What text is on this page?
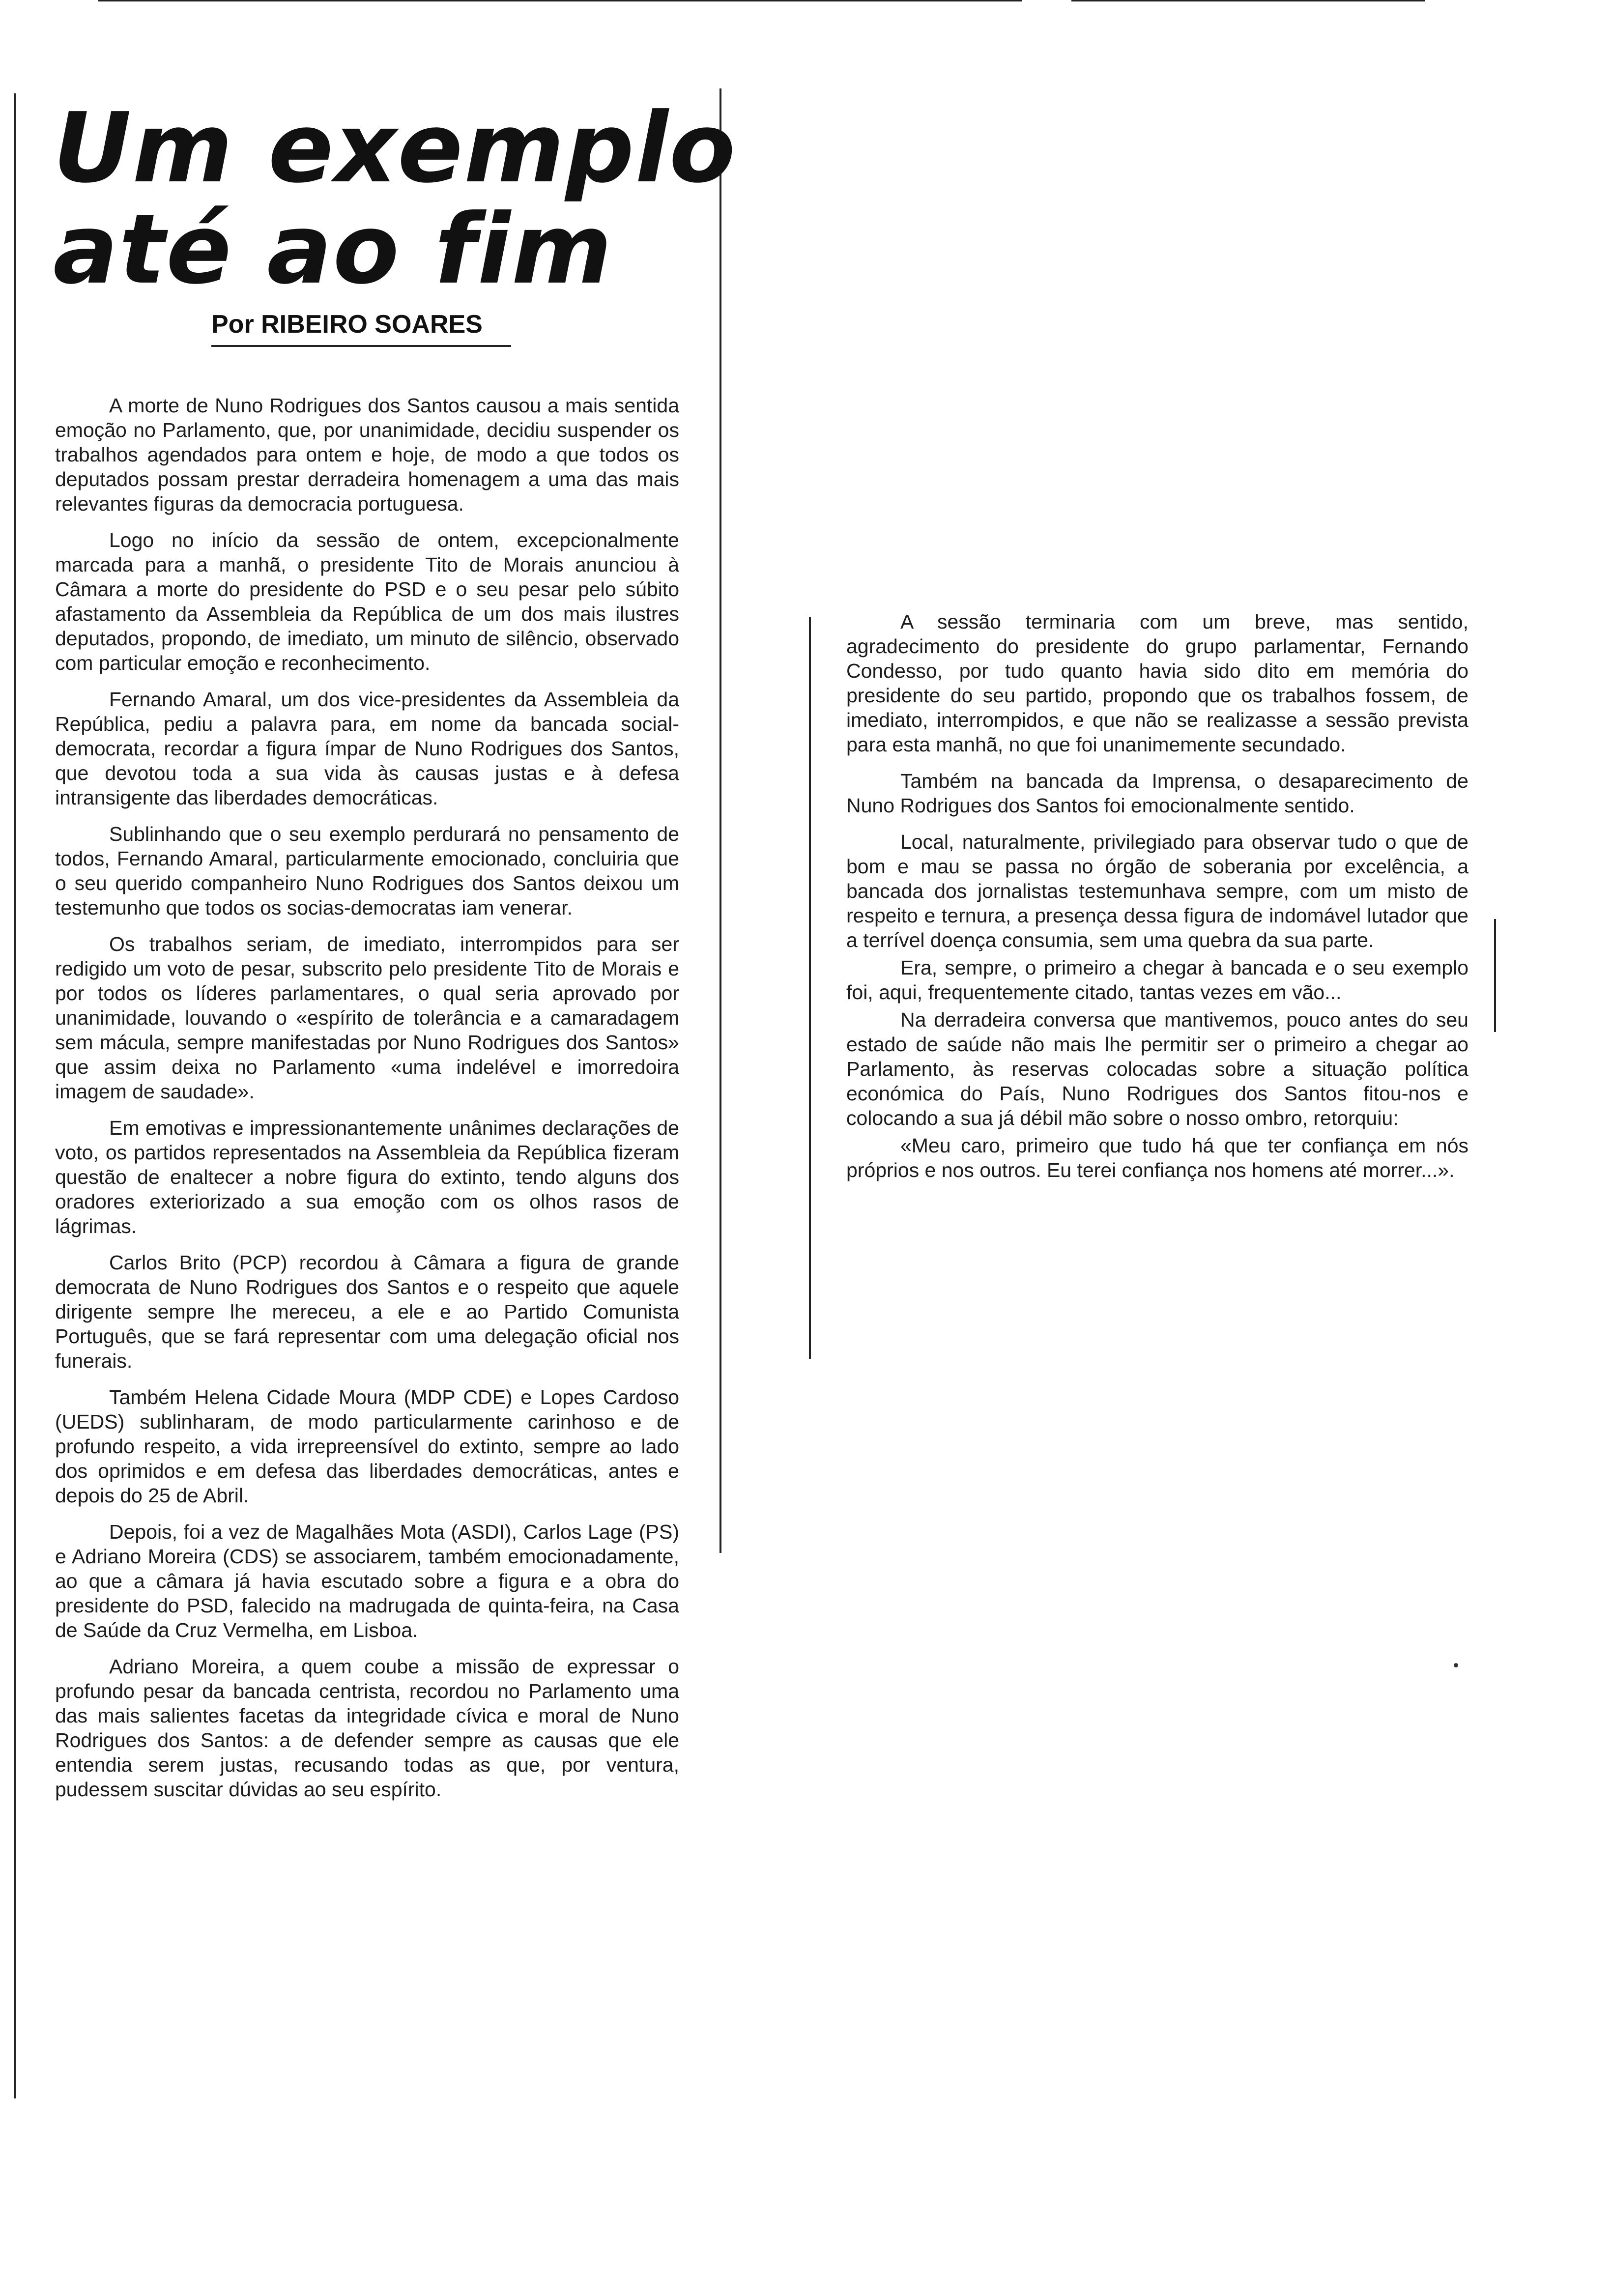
Um exemplo
até ao fim
Por RIBEIRO SOARES

A morte de Nuno Rodrigues dos Santos causou a mais sentida emoção no Parlamento, que, por unanimidade, decidiu suspender os trabalhos agendados para ontem e hoje, de modo a que todos os deputados possam prestar derradeira homenagem a uma das mais relevantes figuras da democracia portuguesa.

Logo no início da sessão de ontem, excepcionalmente marcada para a manhã, o presidente Tito de Morais anunciou à Câmara a morte do presidente do PSD e o seu pesar pelo súbito afastamento da Assembleia da República de um dos mais ilustres deputados, propondo, de imediato, um minuto de silêncio, observado com particular emoção e reconhecimento.

Fernando Amaral, um dos vice-presidentes da Assembleia da República, pediu a palavra para, em nome da bancada social-democrata, recordar a figura ímpar de Nuno Rodrigues dos Santos, que devotou toda a sua vida às causas justas e à defesa intransigente das liberdades democráticas.

Sublinhando que o seu exemplo perdurará no pensamento de todos, Fernando Amaral, particularmente emocionado, concluiria que o seu querido companheiro Nuno Rodrigues dos Santos deixou um testemunho que todos os socias-democratas iam venerar.

Os trabalhos seriam, de imediato, interrompidos para ser redigido um voto de pesar, subscrito pelo presidente Tito de Morais e por todos os líderes parlamentares, o qual seria aprovado por unanimidade, louvando o «espírito de tolerância e a camaradagem sem mácula, sempre manifestadas por Nuno Rodrigues dos Santos» que assim deixa no Parlamento «uma indelével e imorredoira imagem de saudade».

Em emotivas e impressionantemente unânimes declarações de voto, os partidos representados na Assembleia da República fizeram questão de enaltecer a nobre figura do extinto, tendo alguns dos oradores exteriorizado a sua emoção com os olhos rasos de lágrimas.

Carlos Brito (PCP) recordou à Câmara a figura de grande democrata de Nuno Rodrigues dos Santos e o respeito que aquele dirigente sempre lhe mereceu, a ele e ao Partido Comunista Português, que se fará representar com uma delegação oficial nos funerais.

Também Helena Cidade Moura (MDP CDE) e Lopes Cardoso (UEDS) sublinharam, de modo particularmente carinhoso e de profundo respeito, a vida irrepreensível do extinto, sempre ao lado dos oprimidos e em defesa das liberdades democráticas, antes e depois do 25 de Abril.

Depois, foi a vez de Magalhães Mota (ASDI), Carlos Lage (PS) e Adriano Moreira (CDS) se associarem, também emocionadamente, ao que a câmara já havia escutado sobre a figura e a obra do presidente do PSD, falecido na madrugada de quinta-feira, na Casa de Saúde da Cruz Vermelha, em Lisboa.

Adriano Moreira, a quem coube a missão de expressar o profundo pesar da bancada centrista, recordou no Parlamento uma das mais salientes facetas da integridade cívica e moral de Nuno Rodrigues dos Santos: a de defender sempre as causas que ele entendia serem justas, recusando todas as que, por ventura, pudessem suscitar dúvidas ao seu espírito.

A sessão terminaria com um breve, mas sentido, agradecimento do presidente do grupo parlamentar, Fernando Condesso, por tudo quanto havia sido dito em memória do presidente do seu partido, propondo que os trabalhos fossem, de imediato, interrompidos, e que não se realizasse a sessão prevista para esta manhã, no que foi unanimemente secundado.

Também na bancada da Imprensa, o desaparecimento de Nuno Rodrigues dos Santos foi emocionalmente sentido.

Local, naturalmente, privilegiado para observar tudo o que de bom e mau se passa no órgão de soberania por excelência, a bancada dos jornalistas testemunhava sempre, com um misto de respeito e ternura, a presença dessa figura de indomável lutador que a terrível doença consumia, sem uma quebra da sua parte.

Era, sempre, o primeiro a chegar à bancada e o seu exemplo foi, aqui, frequentemente citado, tantas vezes em vão...

Na derradeira conversa que mantivemos, pouco antes do seu estado de saúde não mais lhe permitir ser o primeiro a chegar ao Parlamento, às reservas colocadas sobre a situação política económica do País, Nuno Rodrigues dos Santos fitou-nos e colocando a sua já débil mão sobre o nosso ombro, retorquiu:

«Meu caro, primeiro que tudo há que ter confiança em nós próprios e nos outros. Eu terei confiança nos homens até morrer...».
